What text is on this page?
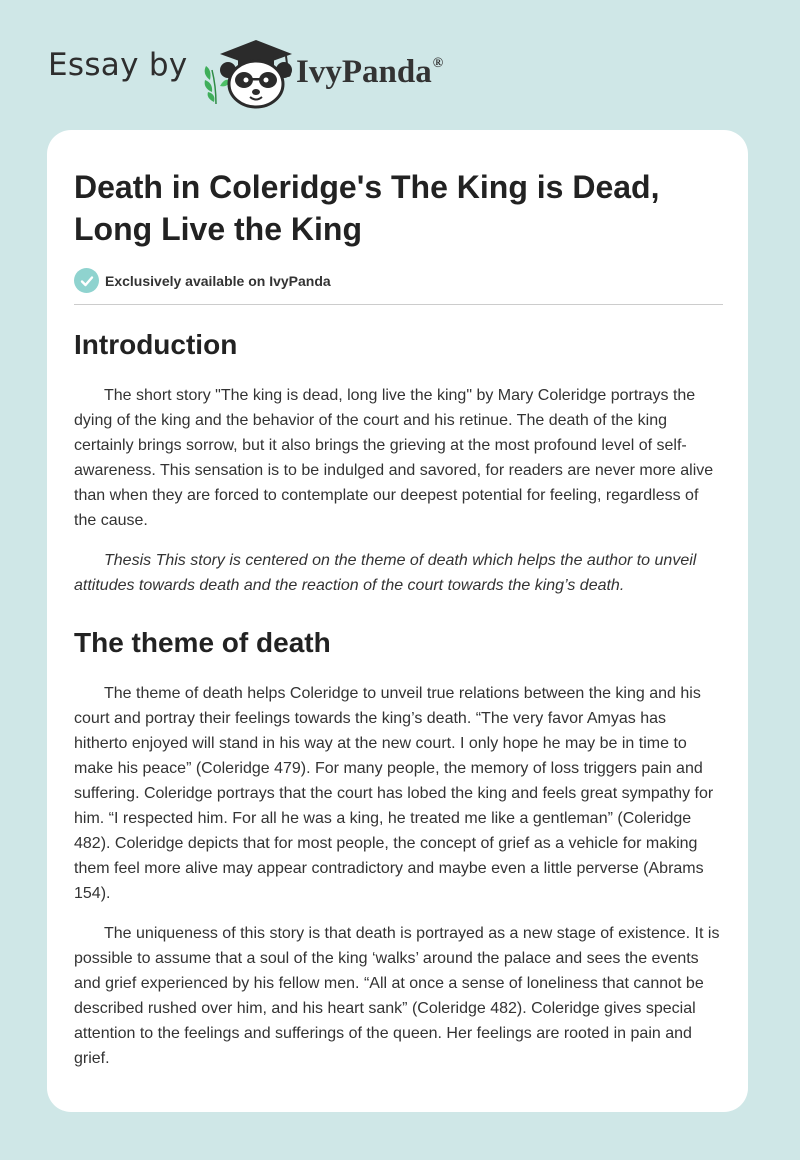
Essay by	IvyPanda®
Death in Coleridge's The King is Dead, Long Live the King
Exclusively available on IvyPanda
Introduction

The short story "The king is dead, long live the king" by Mary Coleridge portrays the dying of the king and the behavior of the court and his retinue. The death of the king certainly brings sorrow, but it also brings the grieving at the most profound level of self-awareness. This sensation is to be indulged and savored, for readers are never more alive than when they are forced to contemplate our deepest potential for feeling, regardless of the cause.

Thesis This story is centered on the theme of death which helps the author to unveil attitudes towards death and the reaction of the court towards the king’s death.

The theme of death

The theme of death helps Coleridge to unveil true relations between the king and his court and portray their feelings towards the king’s death. “The very favor Amyas has hitherto enjoyed will stand in his way at the new court. I only hope he may be in time to make his peace” (Coleridge 479). For many people, the memory of loss triggers pain and suffering. Coleridge portrays that the court has lobed the king and feels great sympathy for him. “I respected him. For all he was a king, he treated me like a gentleman” (Coleridge 482). Coleridge depicts that for most people, the concept of grief as a vehicle for making them feel more alive may appear contradictory and maybe even a little perverse (Abrams 154).

The uniqueness of this story is that death is portrayed as a new stage of existence. It is possible to assume that a soul of the king ‘walks’ around the palace and sees the events and grief experienced by his fellow men. “All at once a sense of loneliness that cannot be described rushed over him, and his heart sank” (Coleridge 482). Coleridge gives special attention to the feelings and sufferings of the queen. Her feelings are rooted in pain and grief.
